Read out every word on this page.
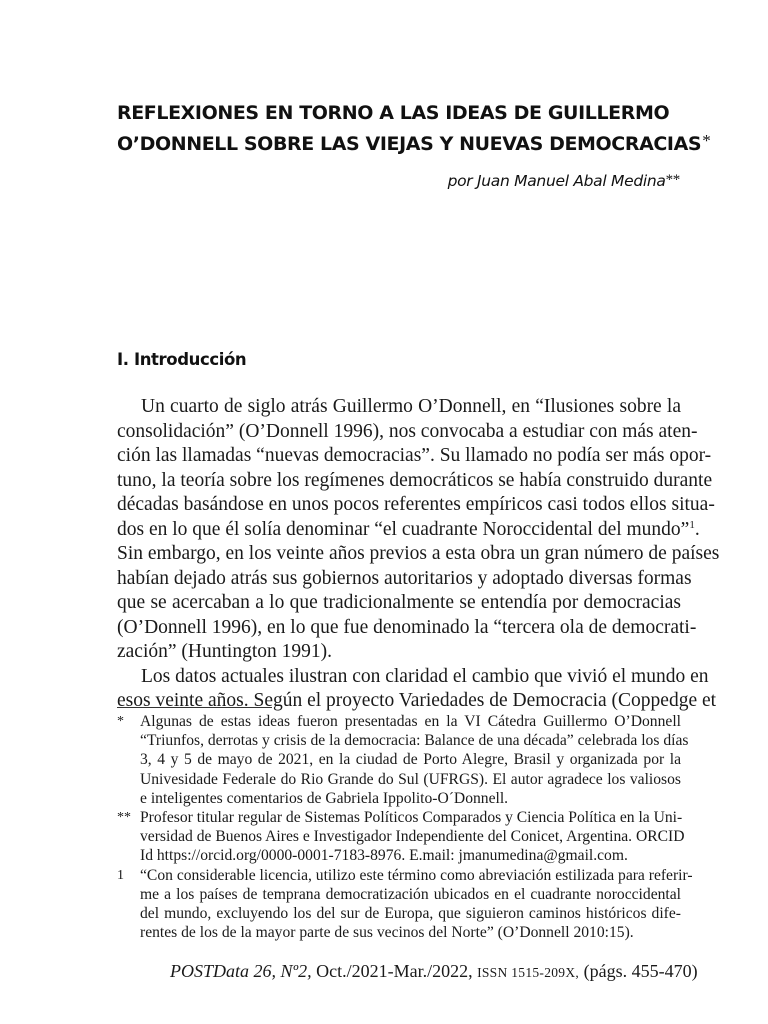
REFLEXIONES EN TORNO A LAS IDEAS DE GUILLERMO
O’DONNELL SOBRE LAS VIEJAS Y NUEVAS DEMOCRACIAS*
por Juan Manuel Abal Medina**
I. Introducción
Un cuarto de siglo atrás Guillermo O’Donnell, en “Ilusiones sobre la
consolidación” (O’Donnell 1996), nos convocaba a estudiar con más aten-
ción las llamadas “nuevas democracias”. Su llamado no podía ser más opor-
tuno, la teoría sobre los regímenes democráticos se había construido durante
décadas basándose en unos pocos referentes empíricos casi todos ellos situa-
dos en lo que él solía denominar “el cuadrante Noroccidental del mundo”$^1$.
Sin embargo, en los veinte años previos a esta obra un gran número de países
habían dejado atrás sus gobiernos autoritarios y adoptado diversas formas
que se acercaban a lo que tradicionalmente se entendía por democracias
(O’Donnell 1996), en lo que fue denominado la “tercera ola de democrati-
zación” (Huntington 1991).
Los datos actuales ilustran con claridad el cambio que vivió el mundo en
esos veinte años. Según el proyecto Variedades de Democracia (Coppedge et
* Algunas de estas ideas fueron presentadas en la VI Cátedra Guillermo O’Donnell
“Triunfos, derrotas y crisis de la democracia: Balance de una década” celebrada los días
3, 4 y 5 de mayo de 2021, en la ciudad de Porto Alegre, Brasil y organizada por la
Univesidade Federale do Rio Grande do Sul (UFRGS). El autor agradece los valiosos
e inteligentes comentarios de Gabriela Ippolito-O´Donnell.
** Profesor titular regular de Sistemas Políticos Comparados y Ciencia Política en la Uni-
versidad de Buenos Aires e Investigador Independiente del Conicet, Argentina. ORCID
Id https://orcid.org/0000-0001-7183-8976. E.mail: jmanumedina@gmail.com.
1 “Con considerable licencia, utilizo este término como abreviación estilizada para referir-
me a los países de temprana democratización ubicados en el cuadrante noroccidental
del mundo, excluyendo los del sur de Europa, que siguieron caminos históricos dife-
rentes de los de la mayor parte de sus vecinos del Norte” (O’Donnell 2010:15).
POSTData 26, Nº2, Oct./2021-Mar./2022, ISSN 1515-209X, (págs. 455-470)
